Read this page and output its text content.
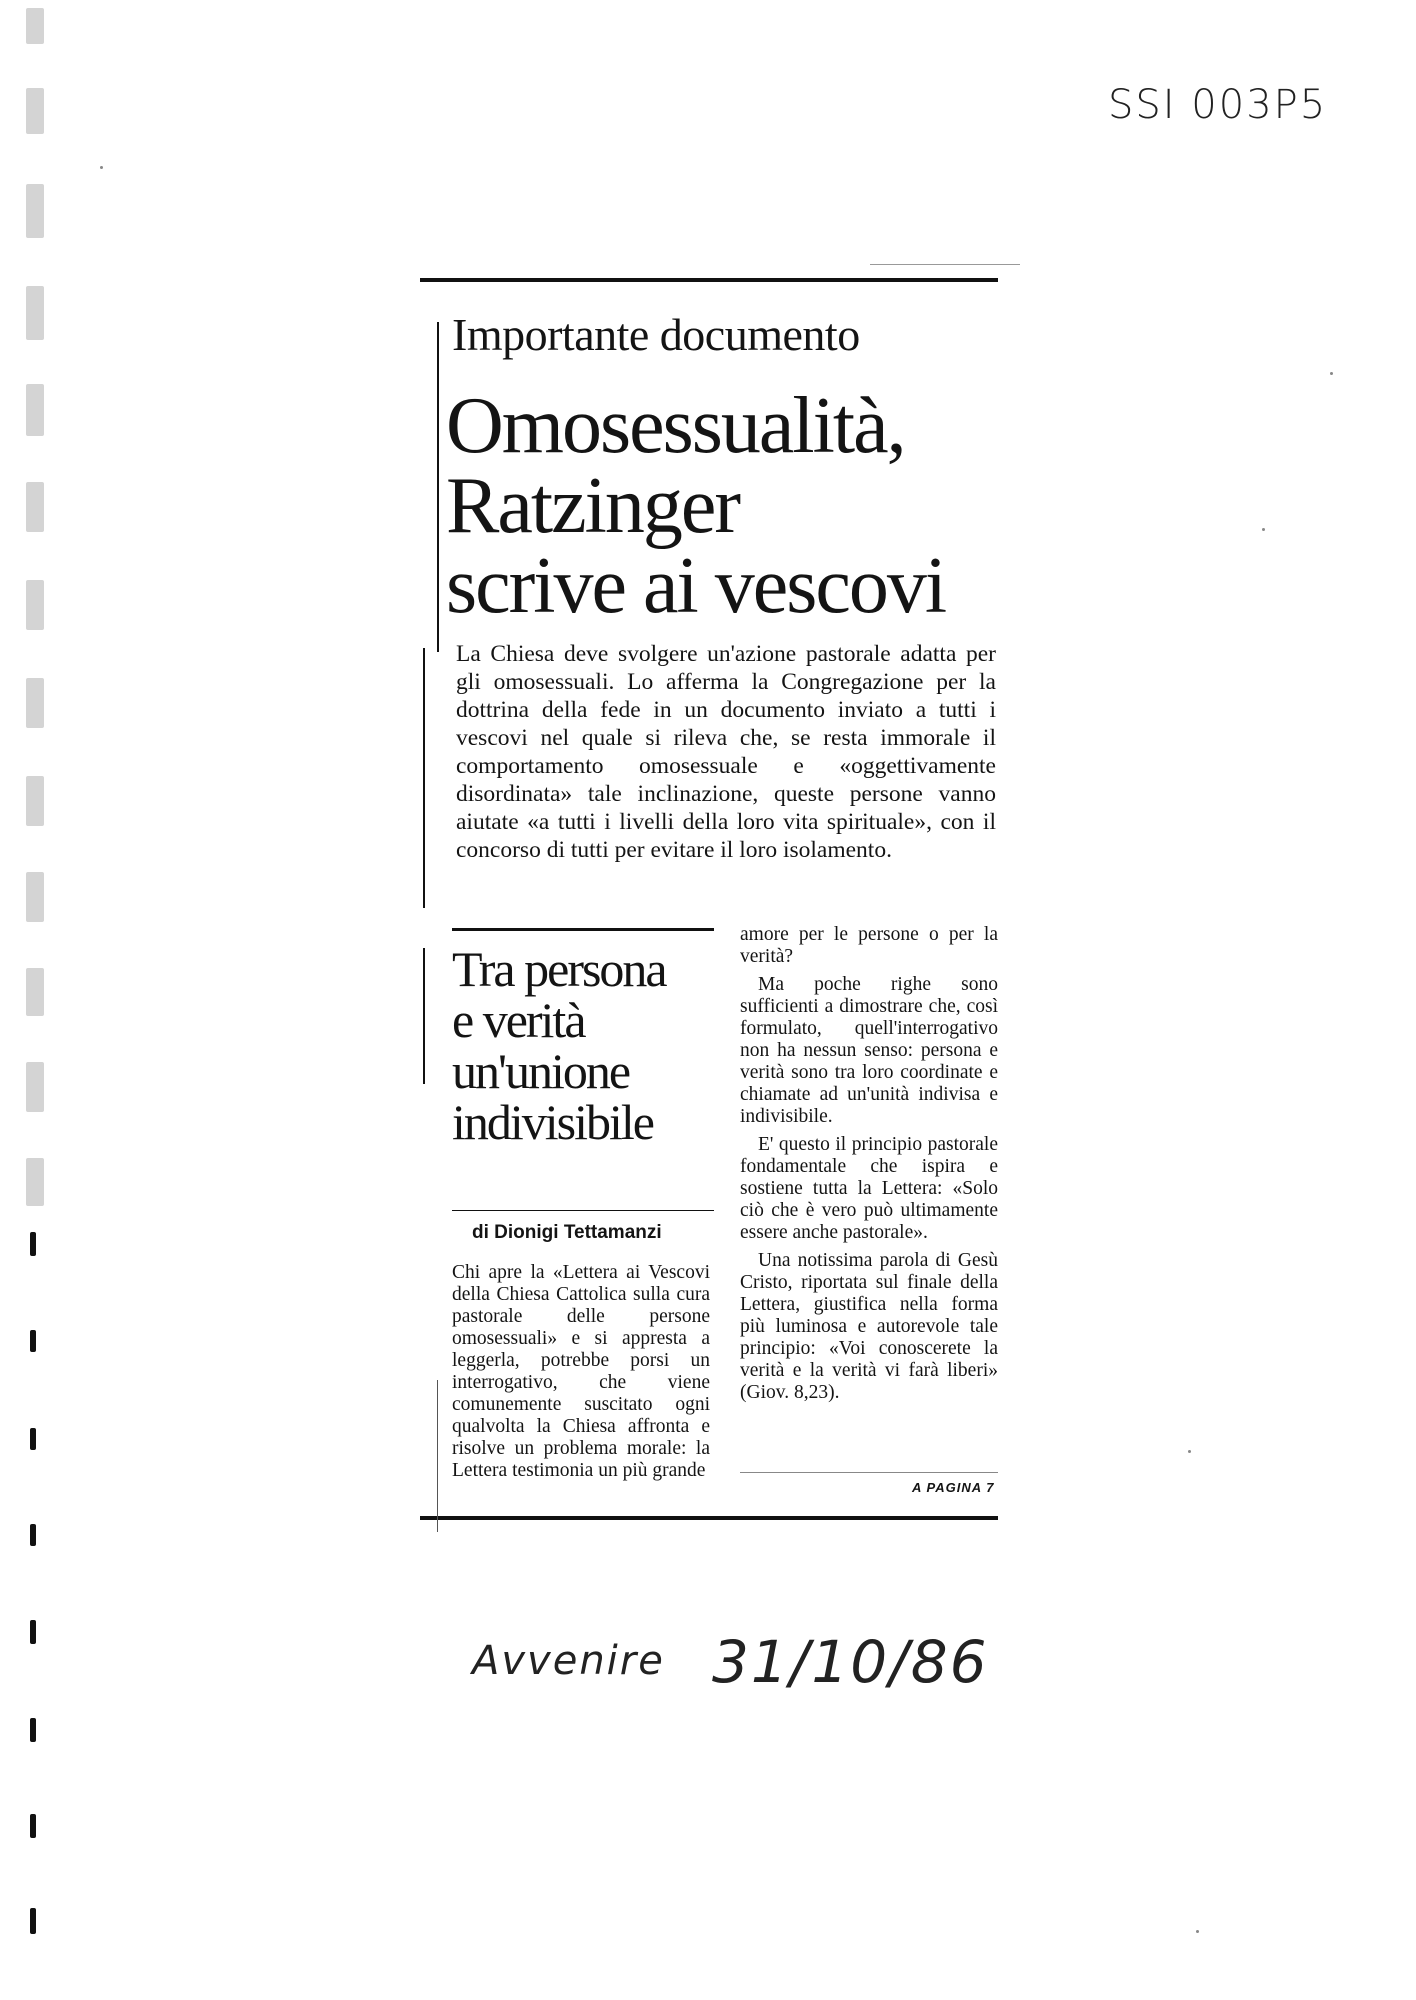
SSI 003P5
Importante documento
Omosessualità,
Ratzinger
scrive ai vescovi
La Chiesa deve svolgere un'azione pastorale adatta per gli omosessuali. Lo afferma la Congregazione per la dottrina della fede in un documento inviato a tutti i vescovi nel quale si rileva che, se resta immorale il comportamento omosessuale e «oggettivamente disordinata» tale inclinazione, queste persone vanno aiutate «a tutti i livelli della loro vita spirituale», con il concorso di tutti per evitare il loro isolamento.
Tra persona
e verità
un'unione
indivisibile
di Dionigi Tettamanzi
Chi apre la «Lettera ai Vescovi della Chiesa Cattolica sulla cura pastorale delle persone omosessuali» e si appresta a leggerla, potrebbe porsi un interrogativo, che viene comunemente suscitato ogni qualvolta la Chiesa affronta e risolve un problema morale: la Lettera testimonia un più grande

amore per le persone o per la verità?

Ma poche righe sono sufficienti a dimostrare che, così formulato, quell'interrogativo non ha nessun senso: persona e verità sono tra loro coordinate e chiamate ad un'unità indivisa e indivisibile.

E' questo il principio pastorale fondamentale che ispira e sostiene tutta la Lettera: «Solo ciò che è vero può ultimamente essere anche pastorale».

Una notissima parola di Gesù Cristo, riportata sul finale della Lettera, giustifica nella forma più luminosa e autorevole tale principio: «Voi conoscerete la verità e la verità vi farà liberi» (Giov. 8,23).

A PAGINA 7
Avvenire 31/10/86
